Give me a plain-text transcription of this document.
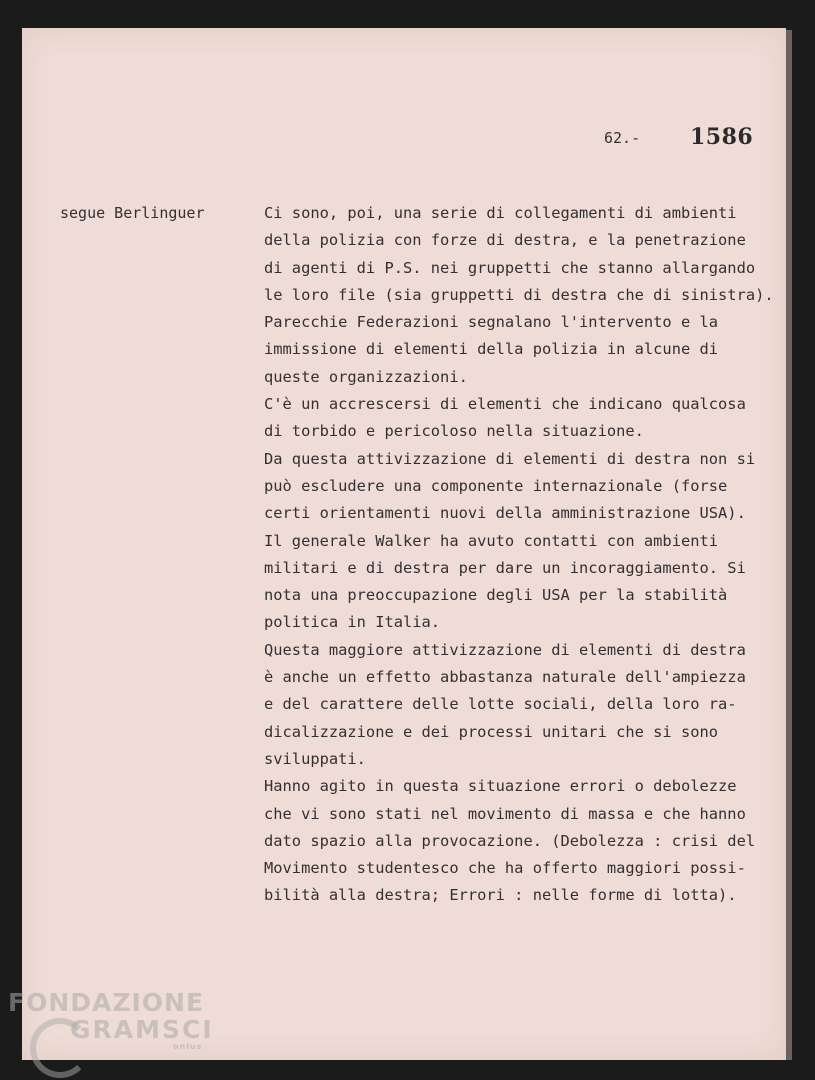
62.- 1586
segue Berlinguer	Ci sono, poi, una serie di collegamenti di ambienti
della polizia con forze di destra, e la penetrazione
di agenti di P.S. nei gruppetti che stanno allargando
le loro file (sia gruppetti di destra che di sinistra).
Parecchie Federazioni segnalano l'intervento e la
immissione di elementi della polizia in alcune di
queste organizzazioni.
C'è un accrescersi di elementi che indicano qualcosa
di torbido e pericoloso nella situazione.
Da questa attivizzazione di elementi di destra non si
può escludere una componente internazionale (forse
certi orientamenti nuovi della amministrazione USA).
Il generale Walker ha avuto contatti con ambienti
militari e di destra per dare un incoraggiamento. Si
nota una preoccupazione degli USA per la stabilità
politica in Italia.
Questa maggiore attivizzazione di elementi di destra
è anche un effetto abbastanza naturale dell'ampiezza
e del carattere delle lotte sociali, della loro ra-
dicalizzazione e dei processi unitari che si sono
sviluppati.
Hanno agito in questa situazione errori o debolezze
che vi sono stati nel movimento di massa e che hanno
dato spazio alla provocazione. (Debolezza : crisi del
Movimento studentesco che ha offerto maggiori possi-
bilità alla destra; Errori : nelle forme di lotta).
FONDAZIONE
GRAMSCI
onlus
